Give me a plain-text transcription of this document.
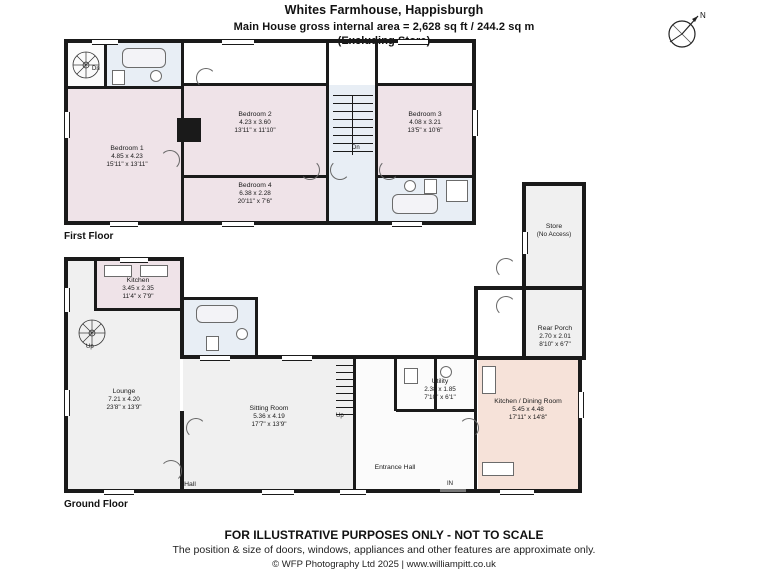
Whites Farmhouse, Happisburgh
Main House gross internal area = 2,628 sq ft / 244.2 sq m
N
Dn
Dn
Bedroom 1
4.85 x 4.23
15'11" x 13'11"
Bedroom 2
4.23 x 3.60
13'11" x 11'10"
Bedroom 3
4.08 x 3.21
13'5" x 10'6"
Bedroom 4
6.38 x 2.28
20'11" x 7'6"
First Floor
Store
(No Access)
Rear Porch
2.70 x 2.01
8'10" x 6'7"
Up
Up
IN
Kitchen
3.45 x 2.35
11'4" x 7'9"
Lounge
7.21 x 4.20
23'8" x 13'9"	Sitting Room
5.36 x 4.19
17'7" x 13'9"
Utility
2.38 x 1.85
7'10" x 6'1"
Kitchen / Dining Room
5.45 x 4.48
17'11" x 14'8"
Entrance Hall
Hall
Ground Floor
FOR ILLUSTRATIVE PURPOSES ONLY - NOT TO SCALE
The position & size of doors, windows, appliances and other features are approximate only.
© WFP Photography Ltd 2025 | www.williampitt.co.uk
